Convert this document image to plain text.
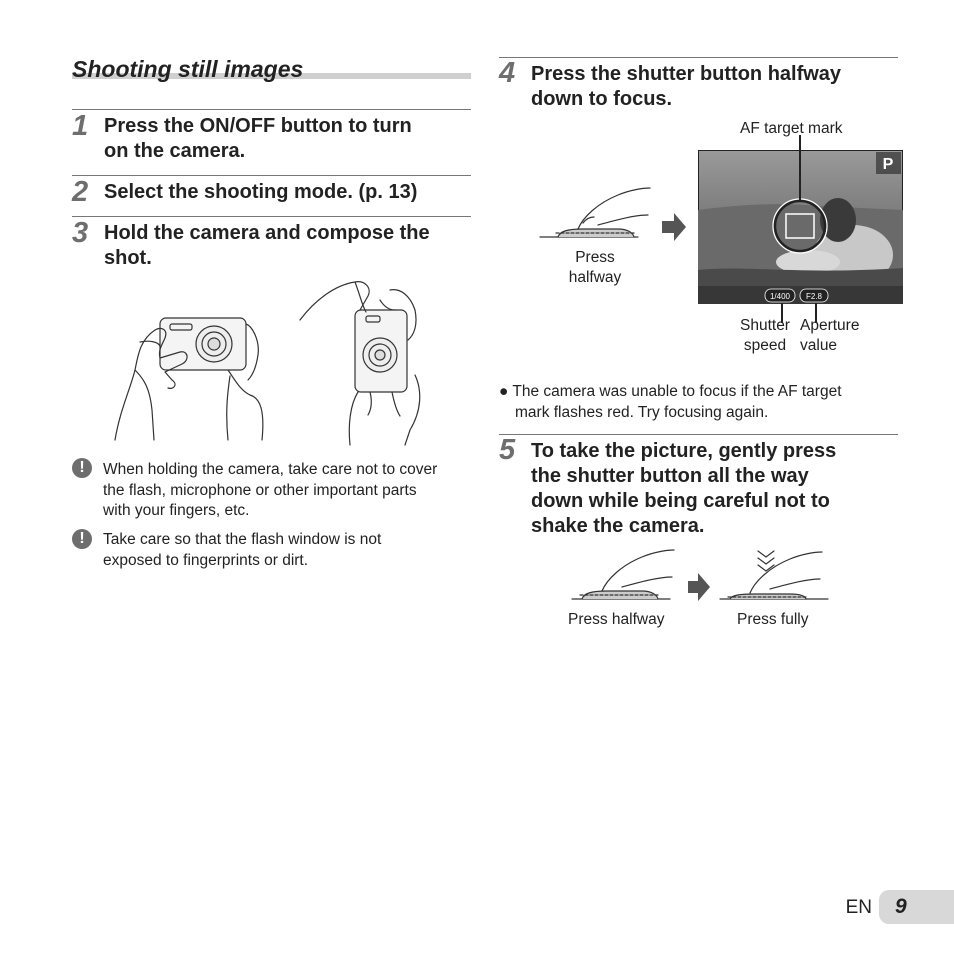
Shooting still images
1 Press the ON/OFF button to turn
on the camera.
2 Select the shooting mode. (p. 13)
3 Hold the camera and compose the
shot.
!	When holding the camera, take care not to cover
the flash, microphone or other important parts
with your fingers, etc.
!	Take care so that the flash window is not
exposed to fingerprints or dirt.
4 Press the shutter button halfway
down to focus.
AF target mark
Press
halfway
P
1/400 F2.8
Shutter
speed
Aperture
value
● The camera was unable to focus if the AF target
mark flashes red. Try focusing again.
5 To take the picture, gently press
the shutter button all the way
down while being careful not to
shake the camera.
Press halfway	Press fully
EN 9
